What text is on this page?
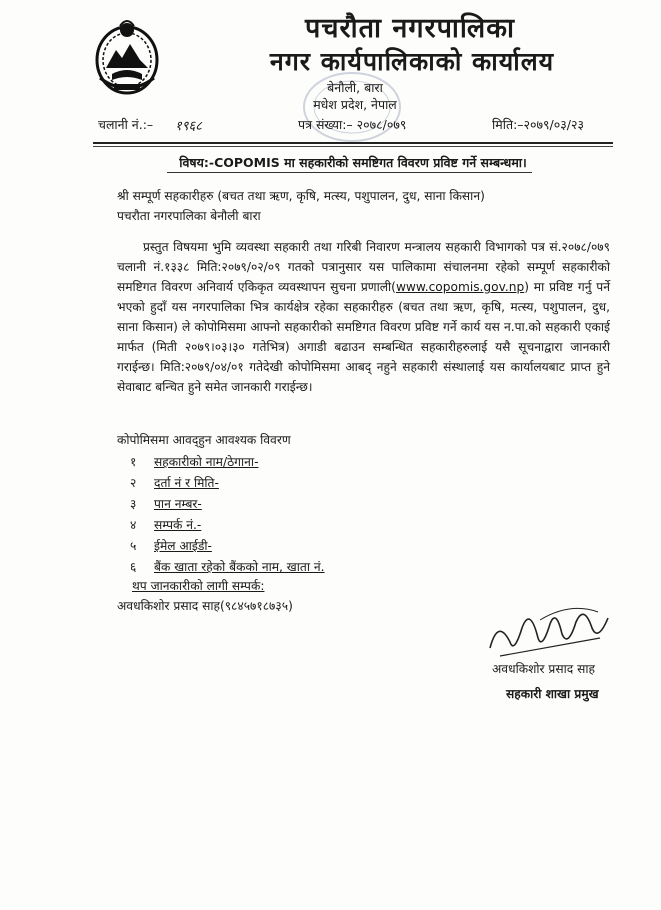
पचरौता नगरपालिका
नगर कार्यपालिकाको कार्यालय
बेनौली, बारा
मधेश प्रदेश, नेपाल
चलानी नं.:– १९६८	पत्र संख्या:– २०७८/०७९	मिति:–२०७९/०३/२३
विषय:-COPOMIS मा सहकारीको समष्टिगत विवरण प्रविष्ट गर्ने सम्बन्धमा।
श्री सम्पूर्ण सहकारीहरु (बचत तथा ऋण, कृषि, मत्स्य, पशुपालन, दुध, साना किसान)
पचरौता नगरपालिका बेनौली बारा

प्रस्तुत विषयमा भुमि व्यवस्था सहकारी तथा गरिबी निवारण मन्त्रालय सहकारी विभागको पत्र सं.२०७८/०७९ चलानी नं.१३३८ मिति:२०७९/०२/०९ गतको पत्रानुसार यस पालिकामा संचालनमा रहेको सम्पूर्ण सहकारीको समष्टिगत विवरण अनिवार्य एकिकृत व्यवस्थापन सुचना प्रणाली(www.copomis.gov.np) मा प्रविष्ट गर्नु पर्ने भएको हुदाँ यस नगरपालिका भित्र कार्यक्षेत्र रहेका सहकारीहरु (बचत तथा ऋण, कृषि, मत्स्य, पशुपालन, दुध, साना किसान) ले कोपोमिसमा आफ्नो सहकारीको समष्टिगत विवरण प्रविष्ट गर्ने कार्य यस न.पा.को सहकारी एकाई मार्फत (मिती २०७९।०३।३० गतेभित्र) अगाडी बढाउन सम्बन्धित सहकारीहरुलाई यसै सूचनाद्वारा जानकारी गराईन्छ। मिति:२०७९/०४/०१ गतेदेखी कोपोमिसमा आबद् नहुने सहकारी संस्थालाई यस कार्यालयबाट प्राप्त हुने सेवाबाट बन्चित हुने समेत जानकारी गराईन्छ।

कोपोमिसमा आवद्हुन आवश्यक विवरण
१ सहकारीको नाम/ठेगाना-
२ दर्ता नं र मिति-
३ पान नम्बर-
४ सम्पर्क नं.-
५ ईमेल आईडी-
६ बैंक खाता रहेको बैंकको नाम, खाता नं.
थप जानकारीको लागी सम्पर्क:
अवधकिशोर प्रसाद साह(९८४५७१८७३५)
अवधकिशोर प्रसाद साह
सहकारी शाखा प्रमुख
